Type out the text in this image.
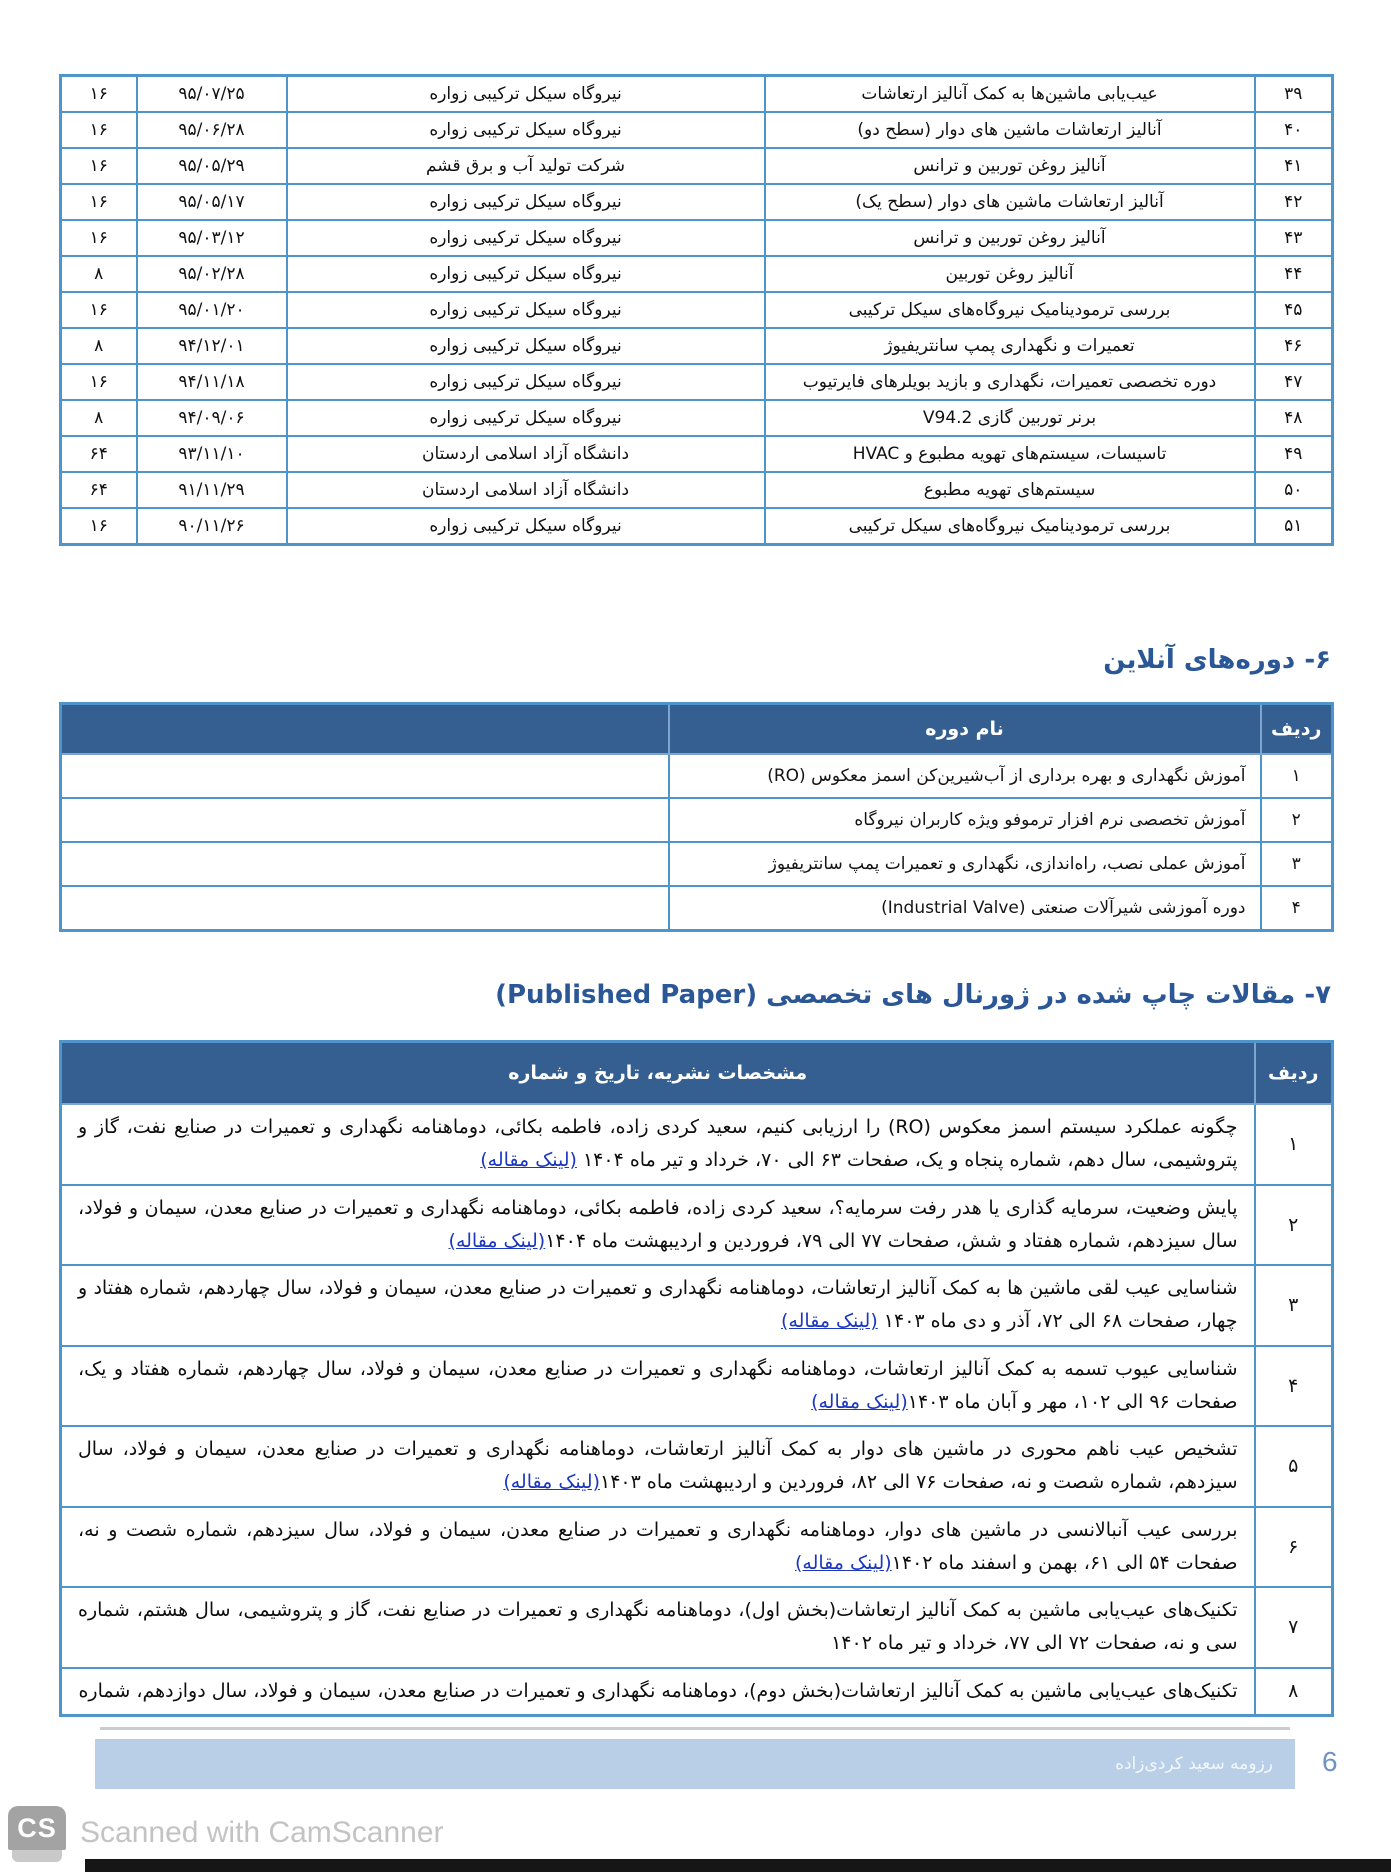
۳۹	عیب‌یابی ماشین‌ها به کمک آنالیز ارتعاشات	نیروگاه سیکل ترکیبی زواره	۹۵/۰۷/۲۵	۱۶
۴۰	آنالیز ارتعاشات ماشین های دوار (سطح دو)	نیروگاه سیکل ترکیبی زواره	۹۵/۰۶/۲۸	۱۶
۴۱	آنالیز روغن توربین و ترانس	شرکت تولید آب و برق قشم	۹۵/۰۵/۲۹	۱۶
۴۲	آنالیز ارتعاشات ماشین های دوار (سطح یک)	نیروگاه سیکل ترکیبی زواره	۹۵/۰۵/۱۷	۱۶
۴۳	آنالیز روغن توربین و ترانس	نیروگاه سیکل ترکیبی زواره	۹۵/۰۳/۱۲	۱۶
۴۴	آنالیز روغن توربین	نیروگاه سیکل ترکیبی زواره	۹۵/۰۲/۲۸	۸
۴۵	بررسی ترمودینامیک نیروگاه‌های سیکل ترکیبی	نیروگاه سیکل ترکیبی زواره	۹۵/۰۱/۲۰	۱۶
۴۶	تعمیرات و نگهداری پمپ سانتریفیوژ	نیروگاه سیکل ترکیبی زواره	۹۴/۱۲/۰۱	۸
۴۷	دوره تخصصی تعمیرات، نگهداری و بازید بویلرهای فایرتیوب	نیروگاه سیکل ترکیبی زواره	۹۴/۱۱/۱۸	۱۶
۴۸	برنر توربین گازی V94.2	نیروگاه سیکل ترکیبی زواره	۹۴/۰۹/۰۶	۸
۴۹	تاسیسات، سیستم‌های تهویه مطبوع و HVAC	دانشگاه آزاد اسلامی اردستان	۹۳/۱۱/۱۰	۶۴
۵۰	سیستم‌های تهویه مطبوع	دانشگاه آزاد اسلامی اردستان	۹۱/۱۱/۲۹	۶۴
۵۱	بررسی ترمودینامیک نیروگاه‌های سیکل ترکیبی	نیروگاه سیکل ترکیبی زواره	۹۰/۱۱/۲۶	۱۶
۶- دوره‌های آنلاین
ردیف	نام دوره	
۱	آموزش نگهداری و بهره برداری از آب‌شیرین‌کن اسمز معکوس (RO)	
۲	آموزش تخصصی نرم افزار ترموفو ویژه کاربران نیروگاه	
۳	آموزش عملی نصب، راه‌اندازی، نگهداری و تعمیرات پمپ سانتریفیوژ	
۴	دوره آموزشی شیرآلات صنعتی (Industrial Valve)	
۷- مقالات چاپ شده در ژورنال های تخصصی (Published Paper)
ردیف	مشخصات نشریه، تاریخ و شماره
۱	چگونه عملکرد سیستم اسمز معکوس (RO) را ارزیابی کنیم، سعید کردی زاده، فاطمه بکائی، دوماهنامه نگهداری و تعمیرات در صنایع نفت، گاز و پتروشیمی، سال دهم، شماره پنجاه و یک، صفحات ۶۳ الی ۷۰، خرداد و تیر ماه ۱۴۰۴ (لینک مقاله)
۲	پایش وضعیت، سرمایه گذاری یا هدر رفت سرمایه؟، سعید کردی زاده، فاطمه بکائی، دوماهنامه نگهداری و تعمیرات در صنایع معدن، سیمان و فولاد، سال سیزدهم، شماره هفتاد و شش، صفحات ۷۷ الی ۷۹، فروردین و اردیبهشت ماه ۱۴۰۴(لینک مقاله)
۳	شناسایی عیب لقی ماشین ها به کمک آنالیز ارتعاشات، دوماهنامه نگهداری و تعمیرات در صنایع معدن، سیمان و فولاد، سال چهاردهم، شماره هفتاد و چهار، صفحات ۶۸ الی ۷۲، آذر و دی ماه ۱۴۰۳ (لینک مقاله)
۴	شناسایی عیوب تسمه به کمک آنالیز ارتعاشات، دوماهنامه نگهداری و تعمیرات در صنایع معدن، سیمان و فولاد، سال چهاردهم، شماره هفتاد و یک، صفحات ۹۶ الی ۱۰۲، مهر و آبان ماه ۱۴۰۳(لینک مقاله)
۵	تشخیص عیب ناهم محوری در ماشین های دوار به کمک آنالیز ارتعاشات، دوماهنامه نگهداری و تعمیرات در صنایع معدن، سیمان و فولاد، سال سیزدهم، شماره شصت و نه، صفحات ۷۶ الی ۸۲، فروردین و اردیبهشت ماه ۱۴۰۳(لینک مقاله)
۶	بررسی عیب آنبالانسی در ماشین های دوار، دوماهنامه نگهداری و تعمیرات در صنایع معدن، سیمان و فولاد، سال سیزدهم، شماره شصت و نه، صفحات ۵۴ الی ۶۱، بهمن و اسفند ماه ۱۴۰۲(لینک مقاله)
۷	تکنیک‌های عیب‌یابی ماشین به کمک آنالیز ارتعاشات(بخش اول)، دوماهنامه نگهداری و تعمیرات در صنایع نفت، گاز و پتروشیمی، سال هشتم، شماره سی و نه، صفحات ۷۲ الی ۷۷، خرداد و تیر ماه ۱۴۰۲
۸	تکنیک‌های عیب‌یابی ماشین به کمک آنالیز ارتعاشات(بخش دوم)، دوماهنامه نگهداری و تعمیرات در صنایع معدن، سیمان و فولاد، سال دوازدهم، شماره
رزومه سعید کردی‌زاده	6
CS Scanned with CamScanner
